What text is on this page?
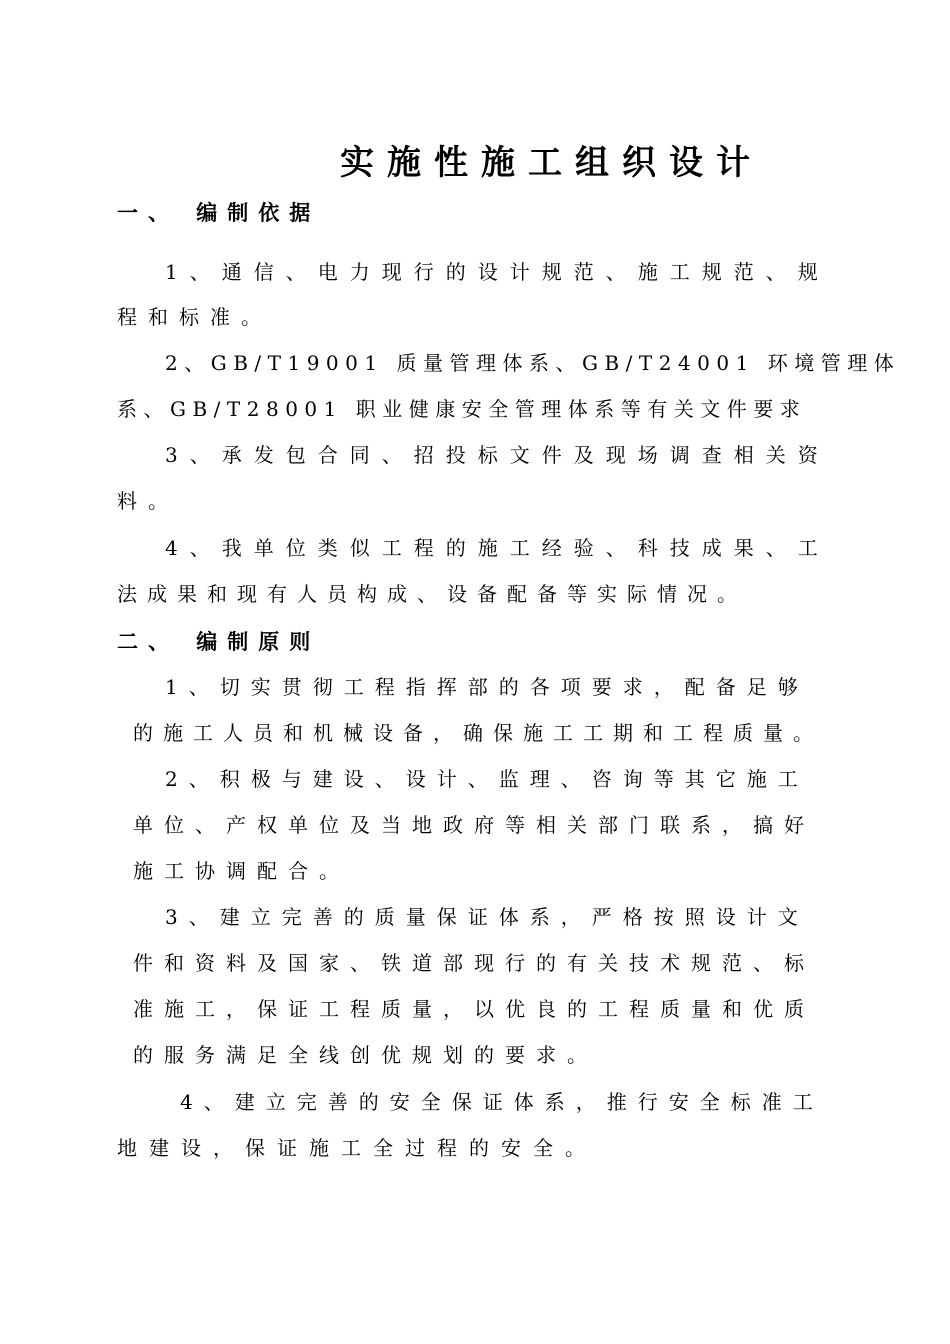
实施性施工组织设计
一、 编制依据
1、通信、电力现行的设计规范、施工规范、规
程和标准。
2、GB/T19001 质量管理体系、GB/T24001 环境管理体
系、GB/T28001 职业健康安全管理体系等有关文件要求
3、承发包合同、招投标文件及现场调查相关资
料。
4、我单位类似工程的施工经验、科技成果、工
法成果和现有人员构成、设备配备等实际情况。
二、 编制原则
1、切实贯彻工程指挥部的各项要求，配备足够
的施工人员和机械设备，确保施工工期和工程质量。
2、积极与建设、设计、监理、咨询等其它施工
单位、产权单位及当地政府等相关部门联系，搞好
施工协调配合。
3、建立完善的质量保证体系，严格按照设计文
件和资料及国家、铁道部现行的有关技术规范、标
准施工，保证工程质量，以优良的工程质量和优质
的服务满足全线创优规划的要求。
4、建立完善的安全保证体系，推行安全标准工
地建设，保证施工全过程的安全。
